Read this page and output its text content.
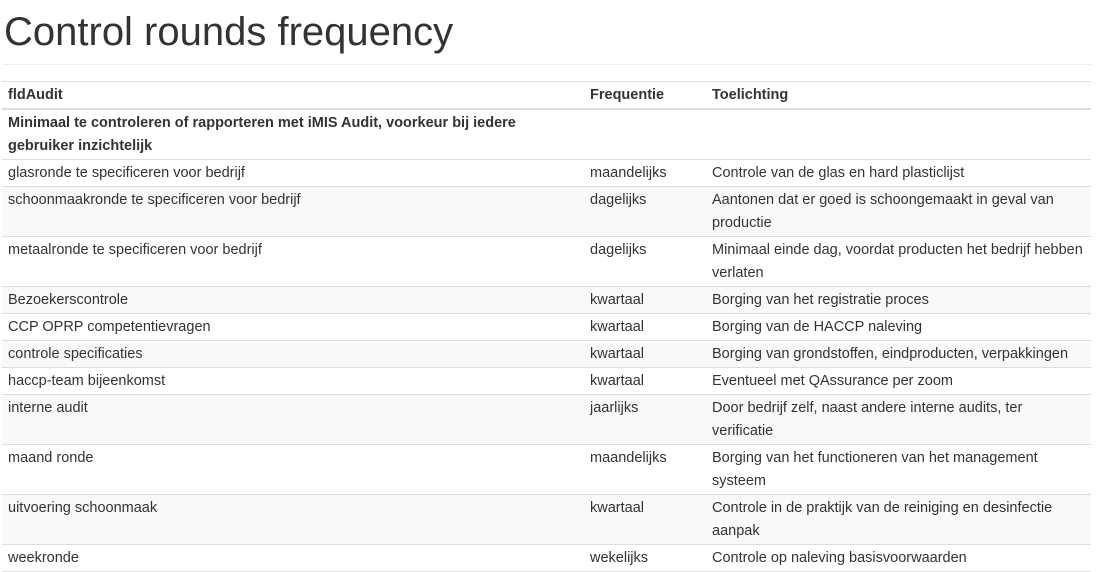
Control rounds frequency
fldAudit	Frequentie	Toelichting
Minimaal te controleren of rapporteren met iMIS Audit, voorkeur bij iedere gebruiker inzichtelijk		
glasronde te specificeren voor bedrijf	maandelijks	Controle van de glas en hard plasticlijst
schoonmaakronde te specificeren voor bedrijf	dagelijks	Aantonen dat er goed is schoongemaakt in geval van productie
metaalronde te specificeren voor bedrijf	dagelijks	Minimaal einde dag, voordat producten het bedrijf hebben verlaten
Bezoekerscontrole	kwartaal	Borging van het registratie proces
CCP OPRP competentievragen	kwartaal	Borging van de HACCP naleving
controle specificaties	kwartaal	Borging van grondstoffen, eindproducten, verpakkingen
haccp-team bijeenkomst	kwartaal	Eventueel met QAssurance per zoom
interne audit	jaarlijks	Door bedrijf zelf, naast andere interne audits, ter verificatie
maand ronde	maandelijks	Borging van het functioneren van het management systeem
uitvoering schoonmaak	kwartaal	Controle in de praktijk van de reiniging en desinfectie aanpak
weekronde	wekelijks	Controle op naleving basisvoorwaarden
